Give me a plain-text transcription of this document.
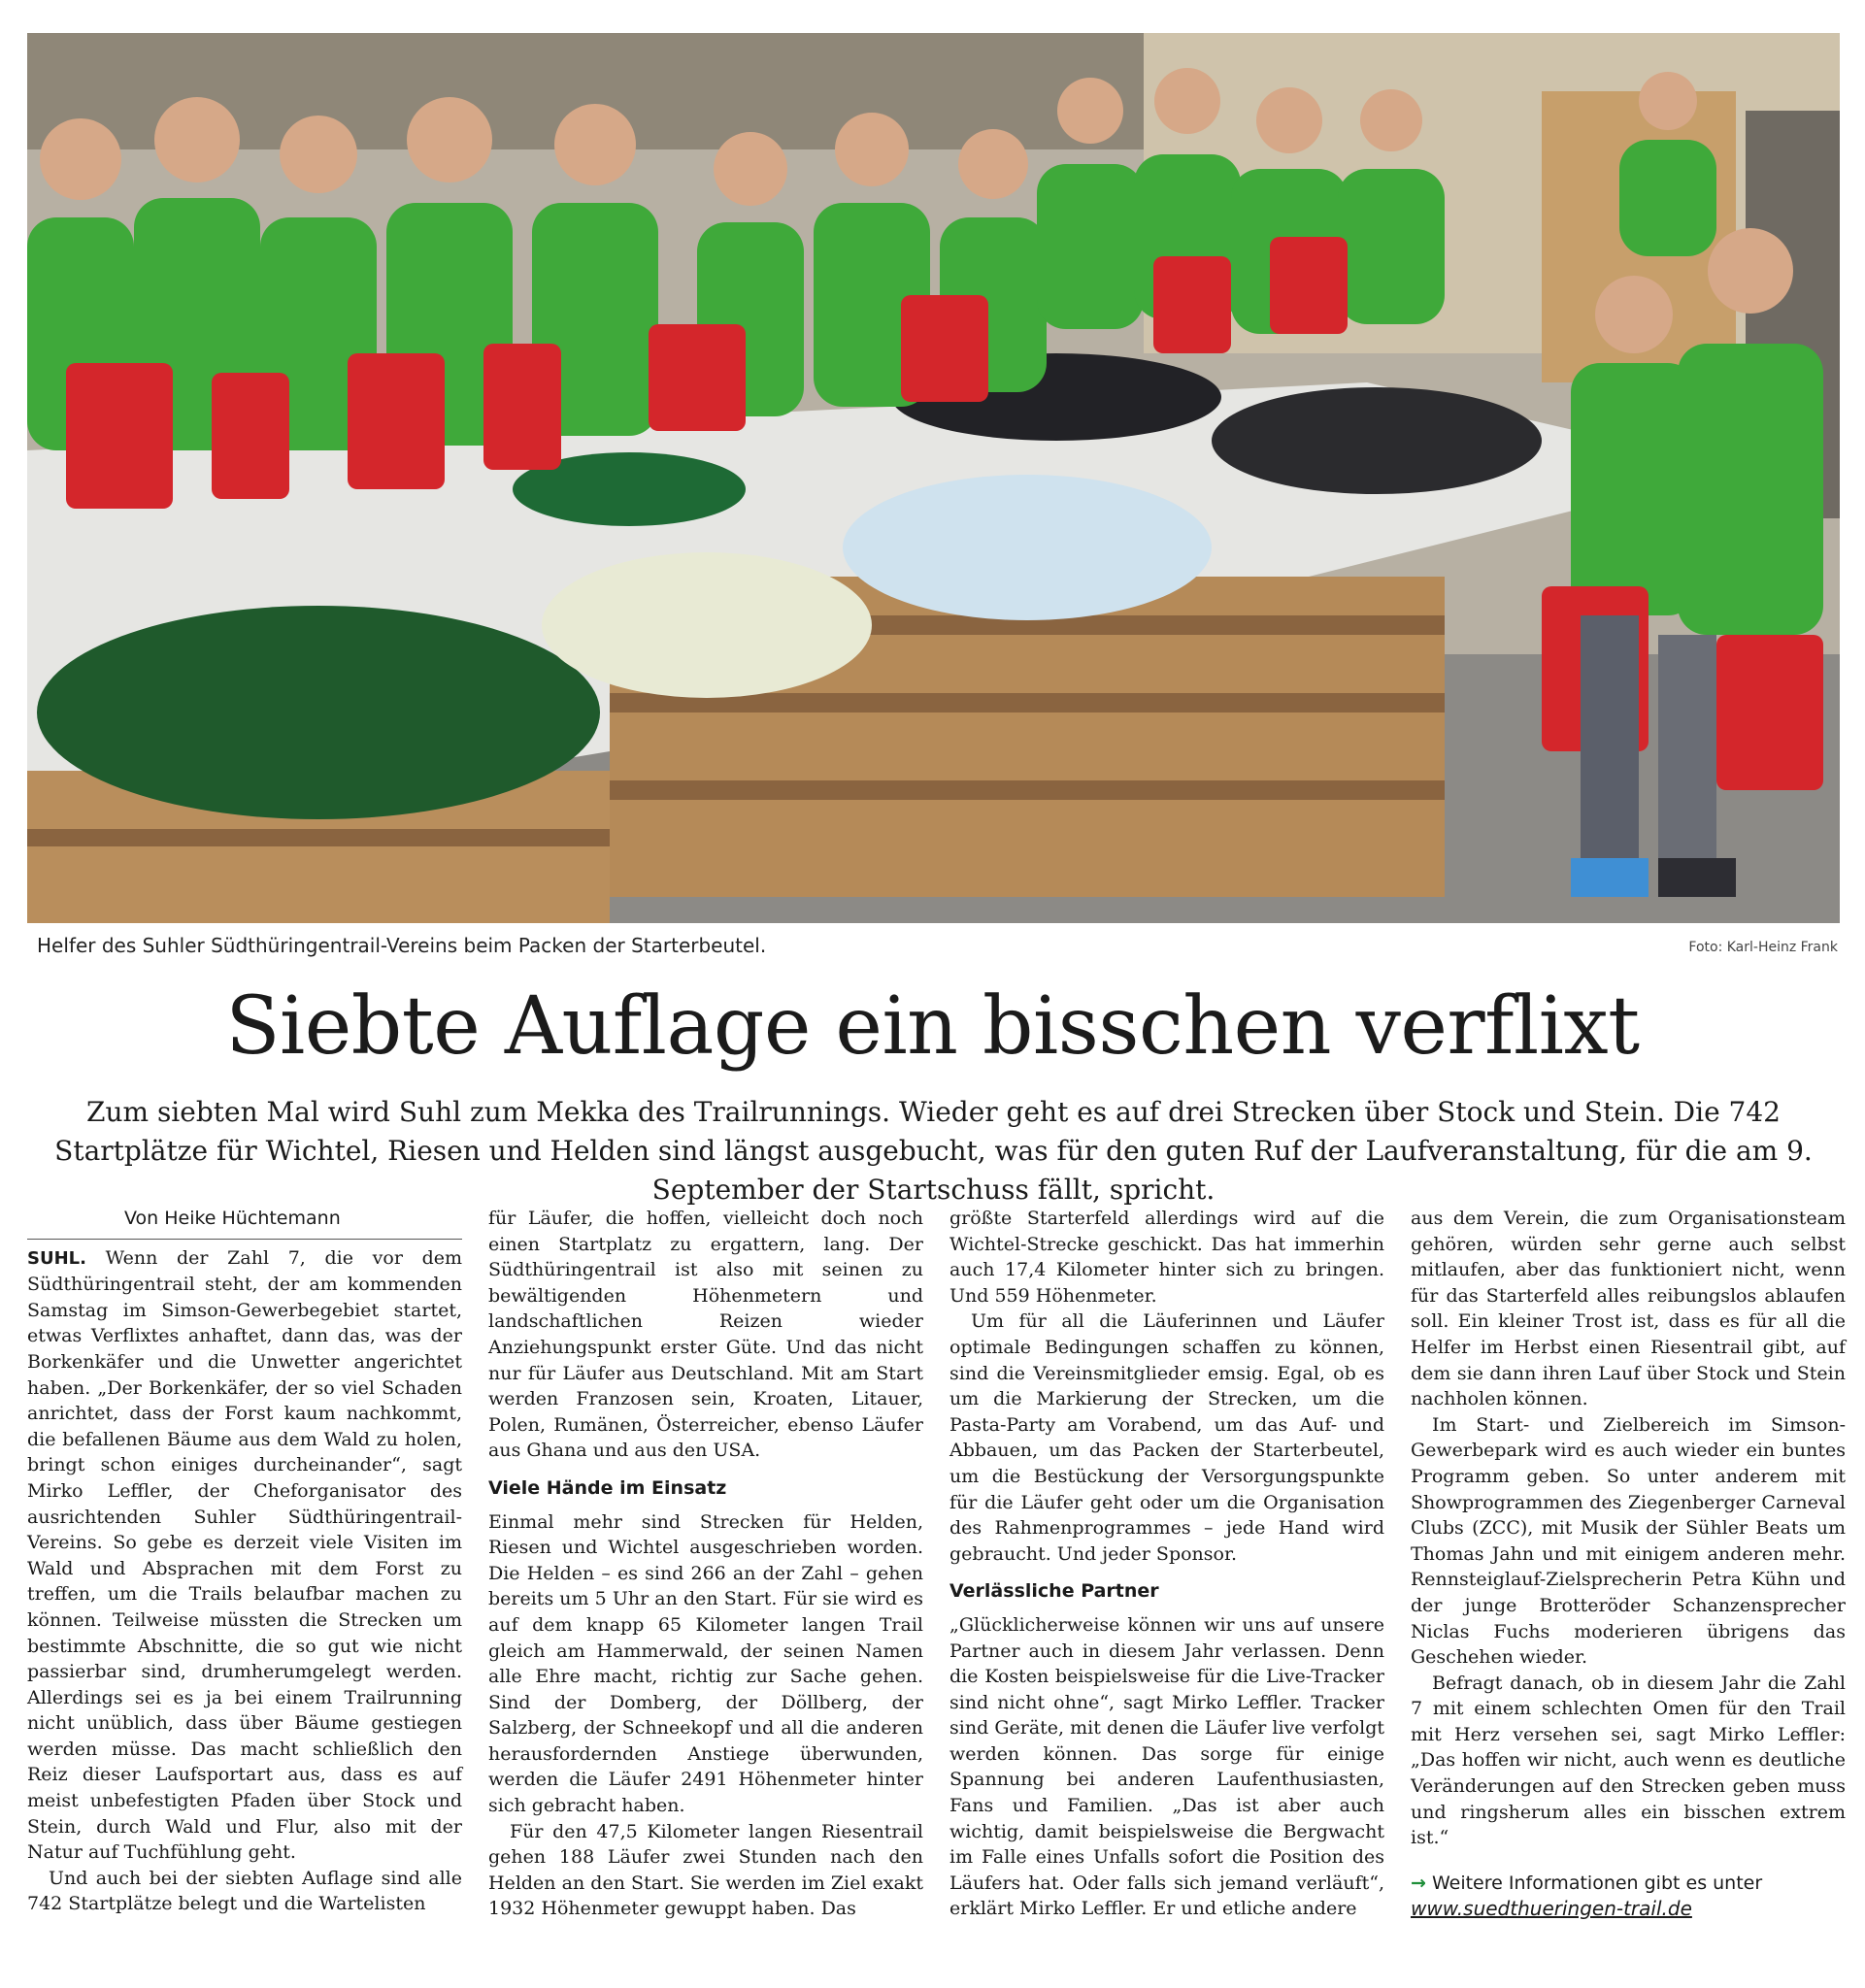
Helfer des Suhler Südthüringentrail-Vereins beim Packen der Starterbeutel.	Foto: Karl-Heinz Frank
Siebte Auflage ein bisschen verflixt
Zum siebten Mal wird Suhl zum Mekka des Trailrunnings. Wieder geht es auf drei Strecken über Stock und Stein. Die 742 Startplätze für Wichtel, Riesen und Helden sind längst ausgebucht, was für den guten Ruf der Laufveranstaltung, für die am 9. September der Startschuss fällt, spricht.

Von Heike Hüchtemann

SUHL. Wenn der Zahl 7, die vor dem Südthüringentrail steht, der am kommenden Samstag im Simson-Gewerbegebiet startet, etwas Verflixtes anhaftet, dann das, was der Borkenkäfer und die Unwetter angerichtet haben. „Der Borkenkäfer, der so viel Schaden anrichtet, dass der Forst kaum nachkommt, die befallenen Bäume aus dem Wald zu holen, bringt schon einiges durcheinander“, sagt Mirko Leffler, der Cheforganisator des ausrichtenden Suhler Südthüringentrail-Vereins. So gebe es derzeit viele Visiten im Wald und Absprachen mit dem Forst zu treffen, um die Trails belaufbar machen zu können. Teilweise müssten die Strecken um bestimmte Abschnitte, die so gut wie nicht passierbar sind, drumherumgelegt werden. Allerdings sei es ja bei einem Trailrunning nicht unüblich, dass über Bäume gestiegen werden müsse. Das macht schließlich den Reiz dieser Laufsportart aus, dass es auf meist unbefestigten Pfaden über Stock und Stein, durch Wald und Flur, also mit der Natur auf Tuchfühlung geht.

Und auch bei der siebten Auflage sind alle 742 Startplätze belegt und die Wartelisten

für Läufer, die hoffen, vielleicht doch noch einen Startplatz zu ergattern, lang. Der Südthüringentrail ist also mit seinen zu bewältigenden Höhenmetern und landschaftlichen Reizen wieder Anziehungspunkt erster Güte. Und das nicht nur für Läufer aus Deutschland. Mit am Start werden Franzosen sein, Kroaten, Litauer, Polen, Rumänen, Österreicher, ebenso Läufer aus Ghana und aus den USA.

Viele Hände im Einsatz

Einmal mehr sind Strecken für Helden, Riesen und Wichtel ausgeschrieben worden. Die Helden – es sind 266 an der Zahl – gehen bereits um 5 Uhr an den Start. Für sie wird es auf dem knapp 65 Kilometer langen Trail gleich am Hammerwald, der seinen Namen alle Ehre macht, richtig zur Sache gehen. Sind der Domberg, der Döllberg, der Salzberg, der Schneekopf und all die anderen herausfordernden Anstiege überwunden, werden die Läufer 2491 Höhenmeter hinter sich gebracht haben.

Für den 47,5 Kilometer langen Riesentrail gehen 188 Läufer zwei Stunden nach den Helden an den Start. Sie werden im Ziel exakt 1932 Höhenmeter gewuppt haben. Das

größte Starterfeld allerdings wird auf die Wichtel-Strecke geschickt. Das hat immerhin auch 17,4 Kilometer hinter sich zu bringen. Und 559 Höhenmeter.

Um für all die Läuferinnen und Läufer optimale Bedingungen schaffen zu können, sind die Vereinsmitglieder emsig. Egal, ob es um die Markierung der Strecken, um die Pasta-Party am Vorabend, um das Auf- und Abbauen, um das Packen der Starterbeutel, um die Bestückung der Versorgungspunkte für die Läufer geht oder um die Organisation des Rahmenprogrammes – jede Hand wird gebraucht. Und jeder Sponsor.

Verlässliche Partner

„Glücklicherweise können wir uns auf unsere Partner auch in diesem Jahr verlassen. Denn die Kosten beispielsweise für die Live-Tracker sind nicht ohne“, sagt Mirko Leffler. Tracker sind Geräte, mit denen die Läufer live verfolgt werden können. Das sorge für einige Spannung bei anderen Laufenthusiasten, Fans und Familien. „Das ist aber auch wichtig, damit beispielsweise die Bergwacht im Falle eines Unfalls sofort die Position des Läufers hat. Oder falls sich jemand verläuft“, erklärt Mirko Leffler. Er und etliche andere

aus dem Verein, die zum Organisationsteam gehören, würden sehr gerne auch selbst mitlaufen, aber das funktioniert nicht, wenn für das Starterfeld alles reibungslos ablaufen soll. Ein kleiner Trost ist, dass es für all die Helfer im Herbst einen Riesentrail gibt, auf dem sie dann ihren Lauf über Stock und Stein nachholen können.

Im Start- und Zielbereich im Simson-Gewerbepark wird es auch wieder ein buntes Programm geben. So unter anderem mit Showprogrammen des Ziegenberger Carneval Clubs (ZCC), mit Musik der Sühler Beats um Thomas Jahn und mit einigem anderen mehr. Rennsteiglauf-Zielsprecherin Petra Kühn und der junge Brotteröder Schanzensprecher Niclas Fuchs moderieren übrigens das Geschehen wieder.

Befragt danach, ob in diesem Jahr die Zahl 7 mit einem schlechten Omen für den Trail mit Herz versehen sei, sagt Mirko Leffler: „Das hoffen wir nicht, auch wenn es deutliche Veränderungen auf den Strecken geben muss und ringsherum alles ein bisschen extrem ist.“

→ Weitere Informationen gibt es unter
www.suedthueringen-trail.de
